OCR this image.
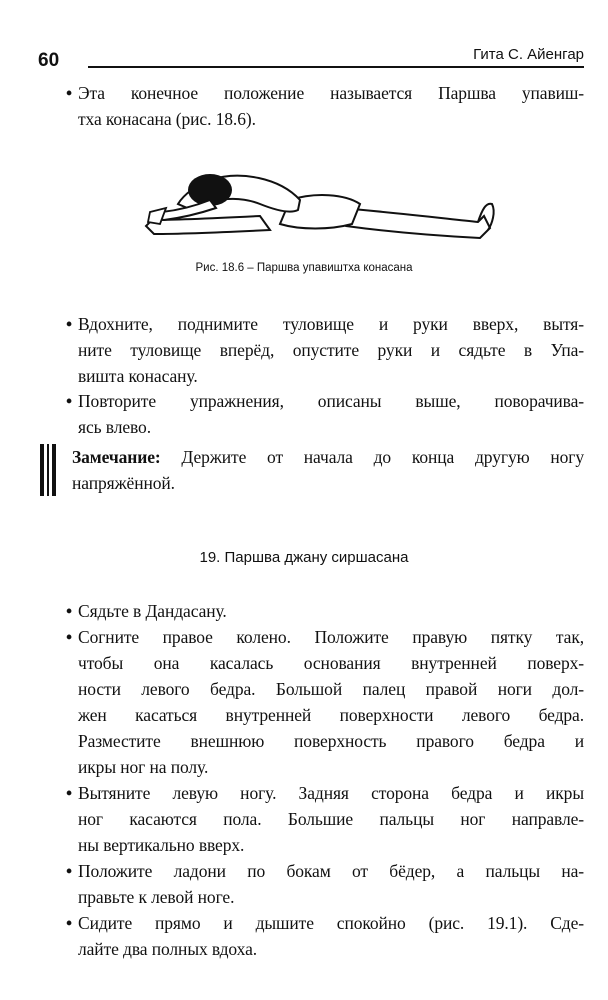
60	Гита С. Айенгар
• Эта конечное положение называется Паршва упавиш-
тха конасана (рис. 18.6).
Рис. 18.6 – Паршва упавиштха конасана
• Вдохните, поднимите туловище и руки вверх, вытя-
ните туловище вперёд, опустите руки и сядьте в Упа-
вишта конасану.
• Повторите упражнения, описаны выше, поворачива-
ясь влево.
Замечание: Держите от начала до конца другую ногу
напряжённой.
19. Паршва джану сиршасана
• Сядьте в Дандасану.
• Согните правое колено. Положите правую пятку так,
чтобы она касалась основания внутренней поверх-
ности левого бедра. Большой палец правой ноги дол-
жен касаться внутренней поверхности левого бедра.
Разместите внешнюю поверхность правого бедра и
икры ног на полу.
• Вытяните левую ногу. Задняя сторона бедра и икры
ног касаются пола. Большие пальцы ног направле-
ны вертикально вверх.
• Положите ладони по бокам от бёдер, а пальцы на-
правьте к левой ноге.
• Сидите прямо и дышите спокойно (рис. 19.1). Сде-
лайте два полных вдоха.
